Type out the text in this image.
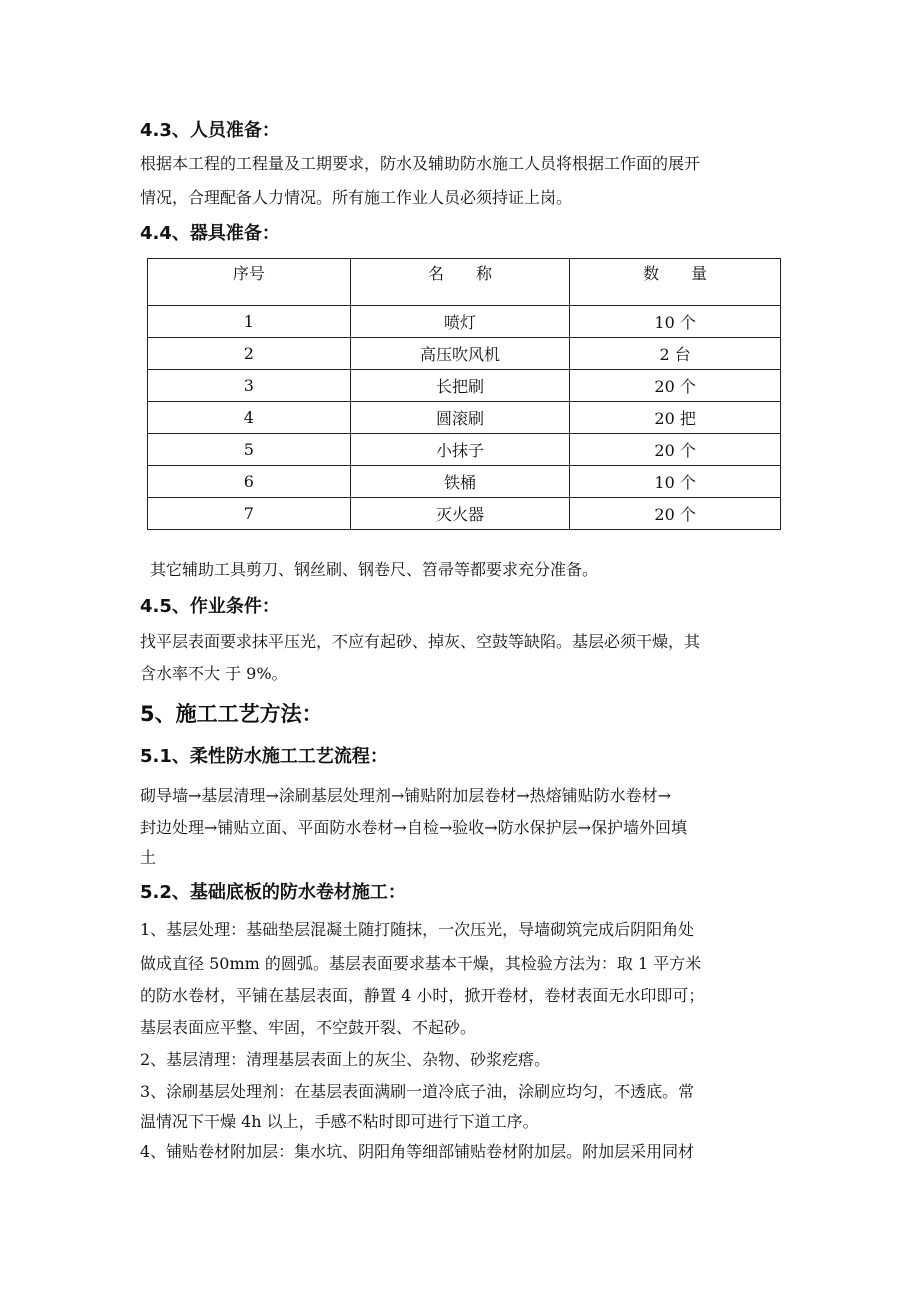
4.3、人员准备：
根据本工程的工程量及工期要求，防水及辅助防水施工人员将根据工作面的展开
情况，合理配备人力情况。所有施工作业人员必须持证上岗。
4.4、器具准备：
序号	名　　称	数　　量
1	喷灯	10 个
2	高压吹风机	2 台
3	长把刷	20 个
4	圆滚刷	20 把
5	小抹子	20 个
6	铁桶	10 个
7	灭火器	20 个
其它辅助工具剪刀、钢丝刷、钢卷尺、笤帚等都要求充分准备。
4.5、作业条件：
找平层表面要求抹平压光，不应有起砂、掉灰、空鼓等缺陷。基层必须干燥，其
含水率不大 于 9%。
5、施工工艺方法：
5.1、柔性防水施工工艺流程：
砌导墙→基层清理→涂刷基层处理剂→铺贴附加层卷材→热熔铺贴防水卷材→
封边处理→铺贴立面、平面防水卷材→自检→验收→防水保护层→保护墙外回填
土
5.2、基础底板的防水卷材施工：
1、基层处理：基础垫层混凝土随打随抹，一次压光，导墙砌筑完成后阴阳角处
做成直径 50mm 的圆弧。基层表面要求基本干燥，其检验方法为：取 1 平方米
的防水卷材，平铺在基层表面，静置 4 小时，掀开卷材，卷材表面无水印即可；
基层表面应平整、牢固，不空鼓开裂、不起砂。
2、基层清理：清理基层表面上的灰尘、杂物、砂浆疙瘩。
3、涂刷基层处理剂：在基层表面满刷一道冷底子油，涂刷应均匀，不透底。常
温情况下干燥 4h 以上，手感不粘时即可进行下道工序。
4、铺贴卷材附加层：集水坑、阴阳角等细部铺贴卷材附加层。附加层采用同材
